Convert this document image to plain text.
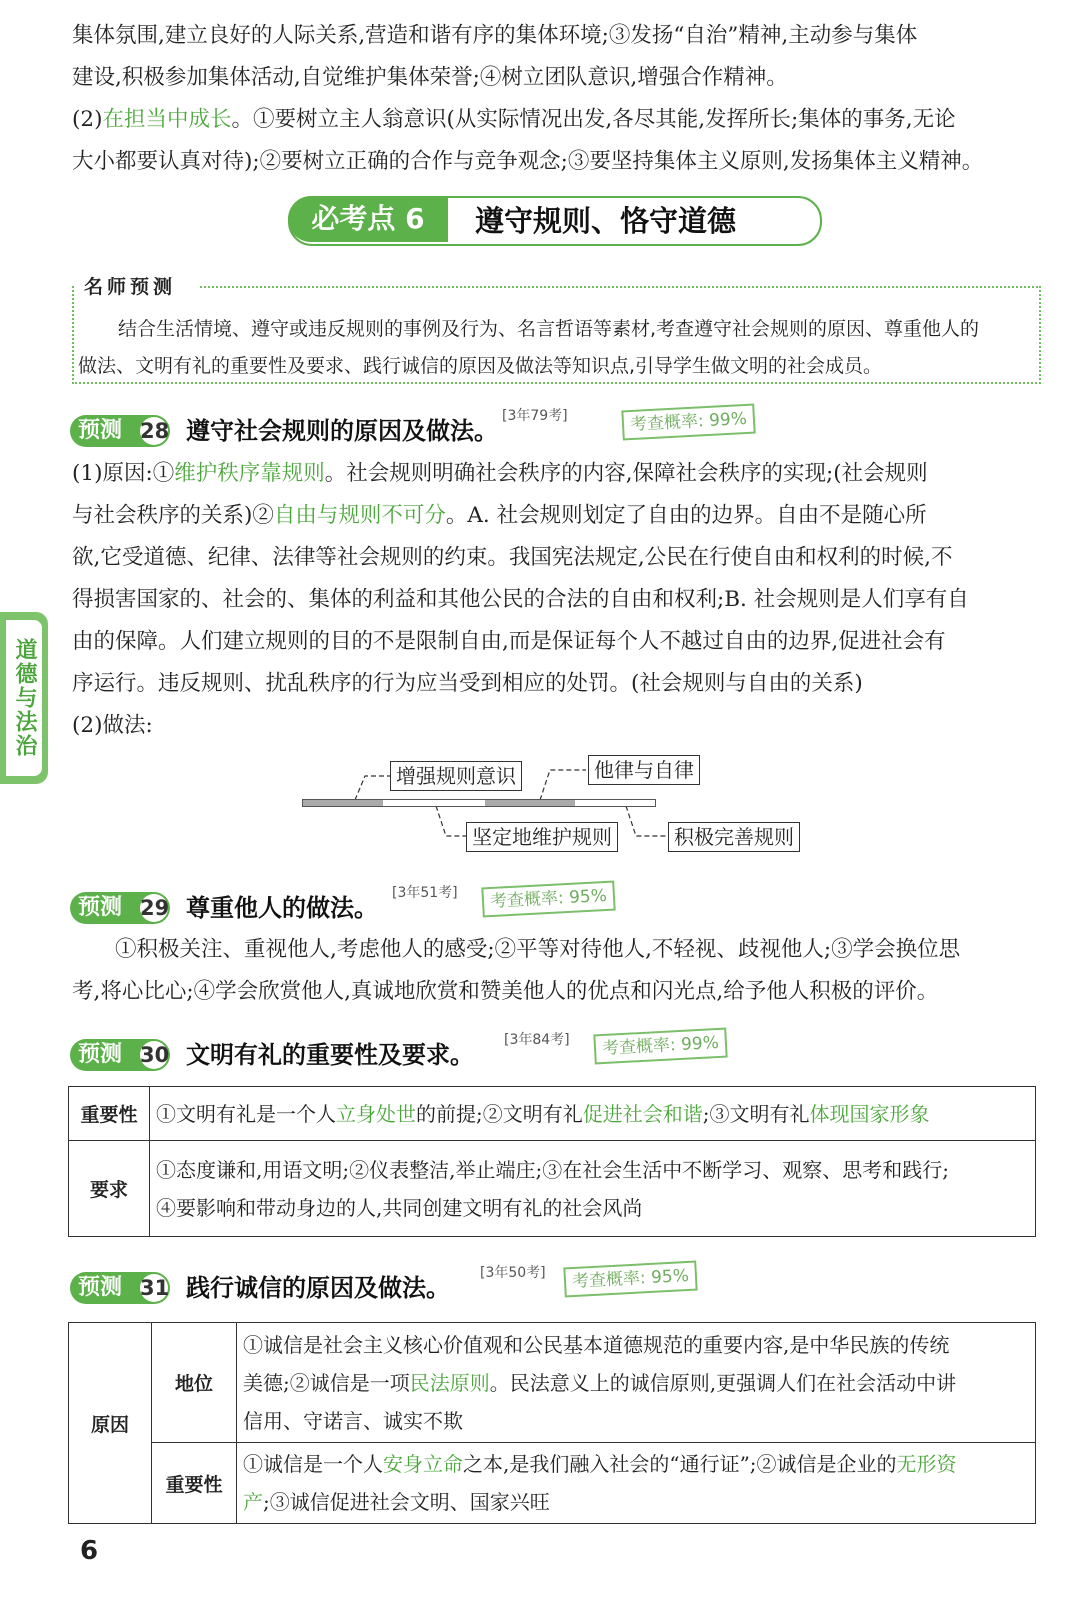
集体氛围,建立良好的人际关系,营造和谐有序的集体环境;③发扬“自治”精神,主动参与集体
建设,积极参加集体活动,自觉维护集体荣誉;④树立团队意识,增强合作精神。
(2)在担当中成长。①要树立主人翁意识(从实际情况出发,各尽其能,发挥所长;集体的事务,无论
大小都要认真对待);②要树立正确的合作与竞争观念;③要坚持集体主义原则,发扬集体主义精神。
必考点 6	遵守规则、恪守道德
名师预测
结合生活情境、遵守或违反规则的事例及行为、名言哲语等素材,考查遵守社会规则的原因、尊重他人的
做法、文明有礼的重要性及要求、践行诚信的原因及做法等知识点,引导学生做文明的社会成员。
预测 28 遵守社会规则的原因及做法。
[3年79考]	考查概率: 99%
(1)原因:①维护秩序靠规则。社会规则明确社会秩序的内容,保障社会秩序的实现;(社会规则
与社会秩序的关系)②自由与规则不可分。A. 社会规则划定了自由的边界。自由不是随心所
欲,它受道德、纪律、法律等社会规则的约束。我国宪法规定,公民在行使自由和权利的时候,不
得损害国家的、社会的、集体的利益和其他公民的合法的自由和权利;B. 社会规则是人们享有自
由的保障。人们建立规则的目的不是限制自由,而是保证每个人不越过自由的边界,促进社会有
序运行。违反规则、扰乱秩序的行为应当受到相应的处罚。(社会规则与自由的关系)
(2)做法:
增强规则意识	他律与自律
坚定地维护规则	积极完善规则
预测 29 尊重他人的做法。
[3年51考]	考查概率: 95%
①积极关注、重视他人,考虑他人的感受;②平等对待他人,不轻视、歧视他人;③学会换位思
考,将心比心;④学会欣赏他人,真诚地欣赏和赞美他人的优点和闪光点,给予他人积极的评价。
预测 30 文明有礼的重要性及要求。
[3年84考]	考查概率: 99%
重要性	①文明有礼是一个人立身处世的前提;②文明有礼促进社会和谐;③文明有礼体现国家形象
要求	①态度谦和,用语文明;②仪表整洁,举止端庄;③在社会生活中不断学习、观察、思考和践行;
④要影响和带动身边的人,共同创建文明有礼的社会风尚
预测 31 践行诚信的原因及做法。
[3年50考]	考查概率: 95%
原因	地位	①诚信是社会主义核心价值观和公民基本道德规范的重要内容,是中华民族的传统
美德;②诚信是一项民法原则。民法意义上的诚信原则,更强调人们在社会活动中讲
信用、守诺言、诚实不欺

	重要性	①诚信是一个人安身立命之本,是我们融入社会的“通行证”;②诚信是企业的无形资
产;③诚信促进社会文明、国家兴旺
道德与法治
6
